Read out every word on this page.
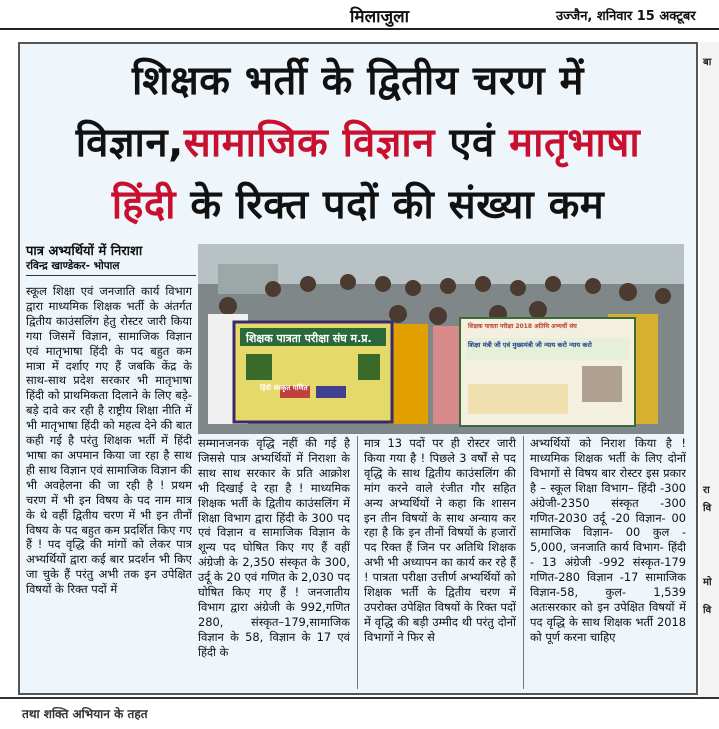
मिलाजुला	उज्जैन, शनिवार 15 अक्टूबर
शिक्षक भर्ती के द्वितीय चरण में
विज्ञान,सामाजिक विज्ञान एवं मातृभाषा
हिंदी के रिक्त पदों की संख्या कम
पात्र अभ्यर्थियों में निराशा
रविन्द्र खाण्डेकर- भोपाल
शिक्षक पात्रता परीक्षा संघ म.प्र.
हिंदी संस्कृत गणित
शिक्षक पात्रता परीक्षा 2018 अतिथि अभ्यर्थी संघ
शिक्षा मंत्री जी एवं मुख्यमंत्री जी न्याय करो न्याय करो
स्कूल शिक्षा एवं जनजाति कार्य विभाग द्वारा माध्यमिक शिक्षक भर्ती के अंतर्गत द्वितीय काउंसलिंग हेतु रोस्टर जारी किया गया जिसमें विज्ञान, सामाजिक विज्ञान एवं मातृभाषा हिंदी के पद बहुत कम मात्रा में दर्शाए गए हैं जबकि केंद्र के साथ-साथ प्रदेश सरकार भी मातृभाषा हिंदी को प्राथमिकता दिलाने के लिए बड़े-बड़े दावे कर रही है राष्ट्रीय शिक्षा नीति में भी मातृभाषा हिंदी को महत्व देने की बात कही गई है परंतु शिक्षक भर्ती में हिंदी भाषा का अपमान किया जा रहा है साथ ही साथ विज्ञान एवं सामाजिक विज्ञान की भी अवहेलना की जा रही है ! प्रथम चरण में भी इन विषय के पद नाम मात्र के थे वहीं द्वितीय चरण में भी इन तीनों विषय के पद बहुत कम प्रदर्शित किए गए हैं ! पद वृद्धि की मांगों को लेकर पात्र अभ्यर्थियों द्वारा कई बार प्रदर्शन भी किए जा चुके हैं परंतु अभी तक इन उपेक्षित विषयों के रिक्त पदों में
सम्मानजनक वृद्धि नहीं की गई है जिससे पात्र अभ्यर्थियों में निराशा के साथ साथ सरकार के प्रति आक्रोश भी दिखाई दे रहा है ! माध्यमिक शिक्षक भर्ती के द्वितीय काउंसलिंग में शिक्षा विभाग द्वारा हिंदी के 300 पद एवं विज्ञान व सामाजिक विज्ञान के शून्य पद घोषित किए गए हैं वहीं अंग्रेजी के 2,350 संस्कृत के 300, उर्दू के 20 एवं गणित के 2,030 पद घोषित किए गए हैं ! जनजातीय विभाग द्वारा अंग्रेजी के 992,गणित 280, संस्कृत–179,सामाजिक विज्ञान के 58, विज्ञान के 17 एवं हिंदी के
मात्र 13 पदों पर ही रोस्टर जारी किया गया है ! पिछले 3 वर्षों से पद वृद्धि के साथ द्वितीय काउंसलिंग की मांग करने वाले रंजीत गौर सहित अन्य अभ्यर्थियों ने कहा कि शासन इन तीन विषयों के साथ अन्याय कर रहा है कि इन तीनों विषयों के हजारों पद रिक्त हैं जिन पर अतिथि शिक्षक अभी भी अध्यापन का कार्य कर रहे हैं ! पात्रता परीक्षा उत्तीर्ण अभ्यर्थियों को शिक्षक भर्ती के द्वितीय चरण में उपरोक्त उपेक्षित विषयों के रिक्त पदों में वृद्धि की बड़ी उम्मीद थी परंतु दोनों विभागों ने फिर से
अभ्यर्थियों को निराश किया है ! माध्यमिक शिक्षक भर्ती के लिए दोनों विभागों से विषय बार रोस्टर इस प्रकार है – स्कूल शिक्षा विभाग– हिंदी -300 अंग्रेजी-2350 संस्कृत -300 गणित-2030 उर्दू -20 विज्ञान- 00 सामाजिक विज्ञान- 00 कुल - 5,000, जनजाति कार्य विभाग- हिंदी - 13 अंग्रेजी -992 संस्कृत-179 गणित-280 विज्ञान -17 सामाजिक विज्ञान-58, कुल- 1,539 अतःसरकार को इन उपेक्षित विषयों में पद वृद्धि के साथ शिक्षक भर्ती 2018 को पूर्ण करना चाहिए
बा
रा
वि
मो
वि
तथा शक्ति अभियान के तहत
